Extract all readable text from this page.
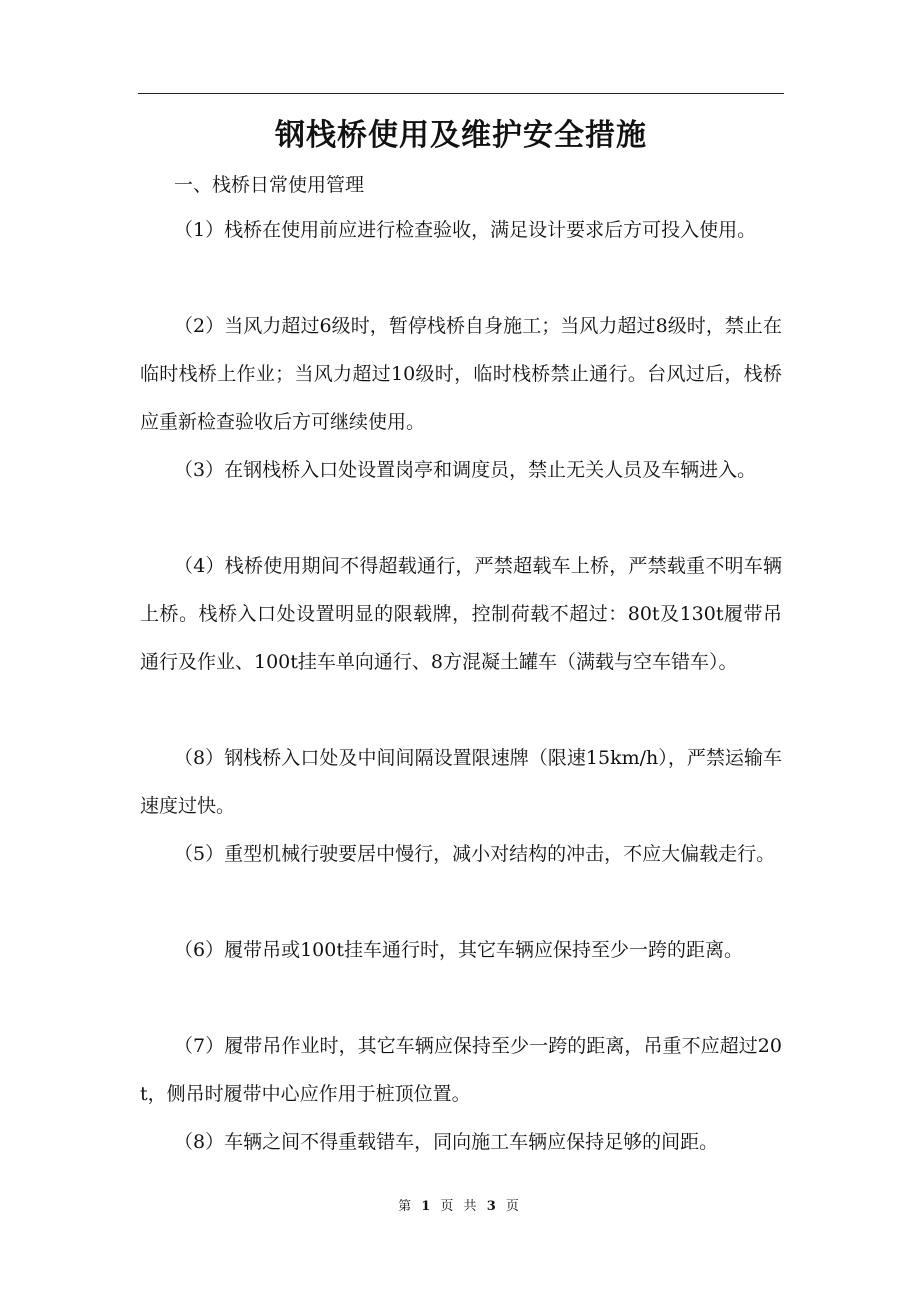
钢栈桥使用及维护安全措施

一、栈桥日常使用管理

（1）栈桥在使用前应进行检查验收，满足设计要求后方可投入使用。

（2）当风力超过6级时，暂停栈桥自身施工；当风力超过8级时，禁止在临时栈桥上作业；当风力超过10级时，临时栈桥禁止通行。台风过后，栈桥应重新检查验收后方可继续使用。

（3）在钢栈桥入口处设置岗亭和调度员，禁止无关人员及车辆进入。

（4）栈桥使用期间不得超载通行，严禁超载车上桥，严禁载重不明车辆上桥。栈桥入口处设置明显的限载牌，控制荷载不超过：80t及130t履带吊通行及作业、100t挂车单向通行、8方混凝土罐车（满载与空车错车）。

（8）钢栈桥入口处及中间间隔设置限速牌（限速15km/h），严禁运输车速度过快。

（5）重型机械行驶要居中慢行，减小对结构的冲击，不应大偏载走行。

（6）履带吊或100t挂车通行时，其它车辆应保持至少一跨的距离。

（7）履带吊作业时，其它车辆应保持至少一跨的距离，吊重不应超过20t，侧吊时履带中心应作用于桩顶位置。

（8）车辆之间不得重载错车，同向施工车辆应保持足够的间距。

第 1 页 共 3 页
